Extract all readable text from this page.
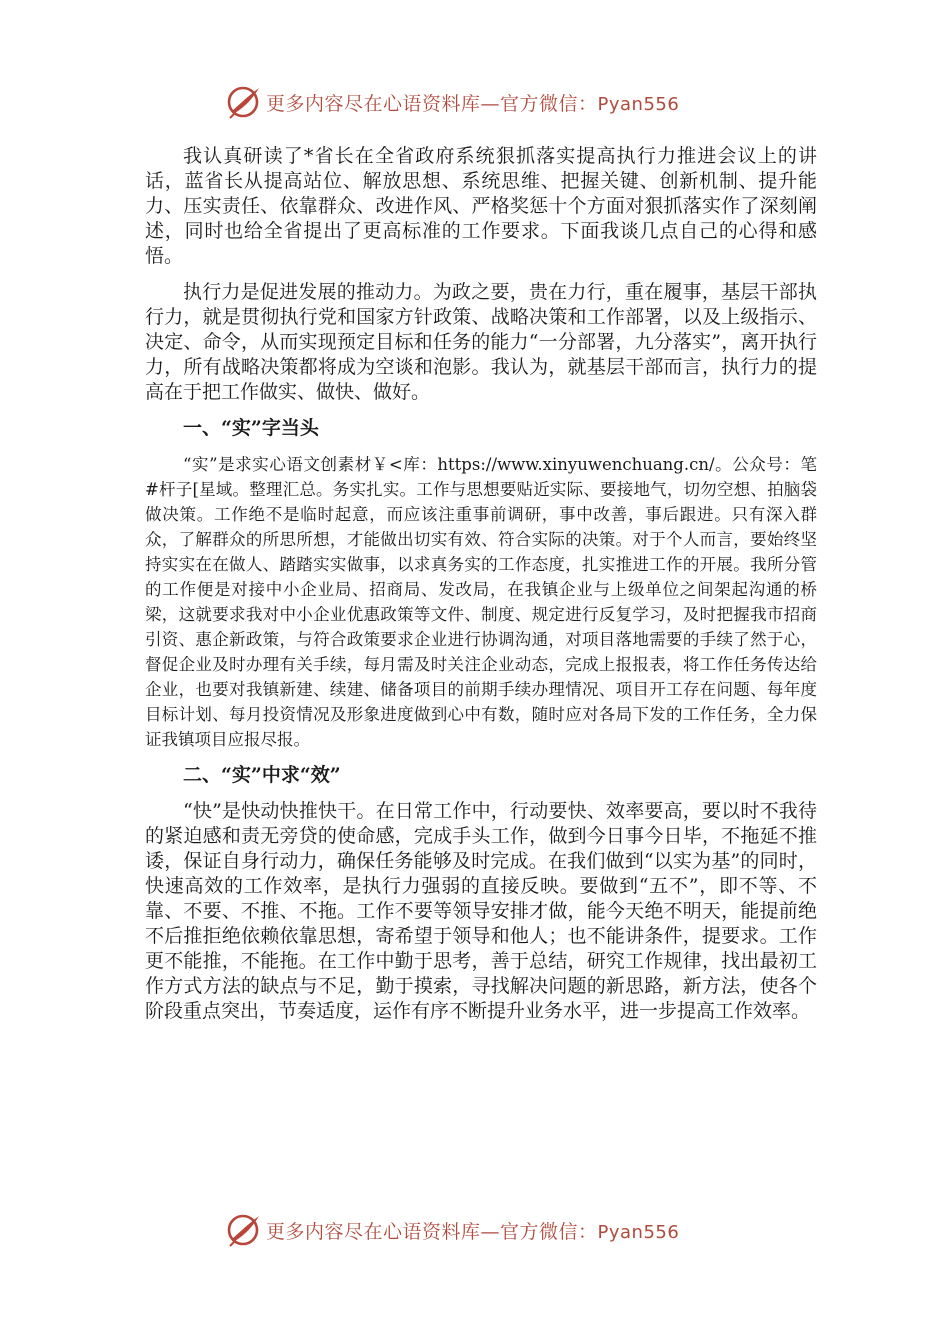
更多内容尽在心语资料库—官方微信：Pyan556

我认真研读了*省长在全省政府系统狠抓落实提高执行力推进会议上的讲话，蓝省长从提高站位、解放思想、系统思维、把握关键、创新机制、提升能力、压实责任、依靠群众、改进作风、严格奖惩十个方面对狠抓落实作了深刻阐述，同时也给全省提出了更高标准的工作要求。下面我谈几点自己的心得和感悟。

执行力是促进发展的推动力。为政之要，贵在力行，重在履事，基层干部执行力，就是贯彻执行党和国家方针政策、战略决策和工作部署，以及上级指示、决定、命令，从而实现预定目标和任务的能力“一分部署，九分落实”，离开执行力，所有战略决策都将成为空谈和泡影。我认为，就基层干部而言，执行力的提高在于把工作做实、做快、做好。

一、“实”字当头

“实”是求实心语文创素材￥<库：https://www.xinyuwenchuang.cn/。公众号：笔#杆子[星域。整理汇总。务实扎实。工作与思想要贴近实际、要接地气，切勿空想、拍脑袋做决策。工作绝不是临时起意，而应该注重事前调研，事中改善，事后跟进。只有深入群众，了解群众的所思所想，才能做出切实有效、符合实际的决策。对于个人而言，要始终坚持实实在在做人、踏踏实实做事，以求真务实的工作态度，扎实推进工作的开展。我所分管的工作便是对接中小企业局、招商局、发改局，在我镇企业与上级单位之间架起沟通的桥梁，这就要求我对中小企业优惠政策等文件、制度、规定进行反复学习，及时把握我市招商引资、惠企新政策，与符合政策要求企业进行协调沟通，对项目落地需要的手续了然于心，督促企业及时办理有关手续，每月需及时关注企业动态，完成上报报表，将工作任务传达给企业，也要对我镇新建、续建、储备项目的前期手续办理情况、项目开工存在问题、每年度目标计划、每月投资情况及形象进度做到心中有数，随时应对各局下发的工作任务，全力保证我镇项目应报尽报。

二、“实”中求“效”

“快”是快动快推快干。在日常工作中，行动要快、效率要高，要以时不我待的紧迫感和责无旁贷的使命感，完成手头工作，做到今日事今日毕，不拖延不推诿，保证自身行动力，确保任务能够及时完成。在我们做到“以实为基”的同时，快速高效的工作效率，是执行力强弱的直接反映。要做到“五不”，即不等、不靠、不要、不推、不拖。工作不要等领导安排才做，能今天绝不明天，能提前绝不后推拒绝依赖依靠思想，寄希望于领导和他人；也不能讲条件，提要求。工作更不能推，不能拖。在工作中勤于思考，善于总结，研究工作规律，找出最初工作方式方法的缺点与不足，勤于摸索，寻找解决问题的新思路，新方法，使各个阶段重点突出，节奏适度，运作有序不断提升业务水平，进一步提高工作效率。

更多内容尽在心语资料库—官方微信：Pyan556
